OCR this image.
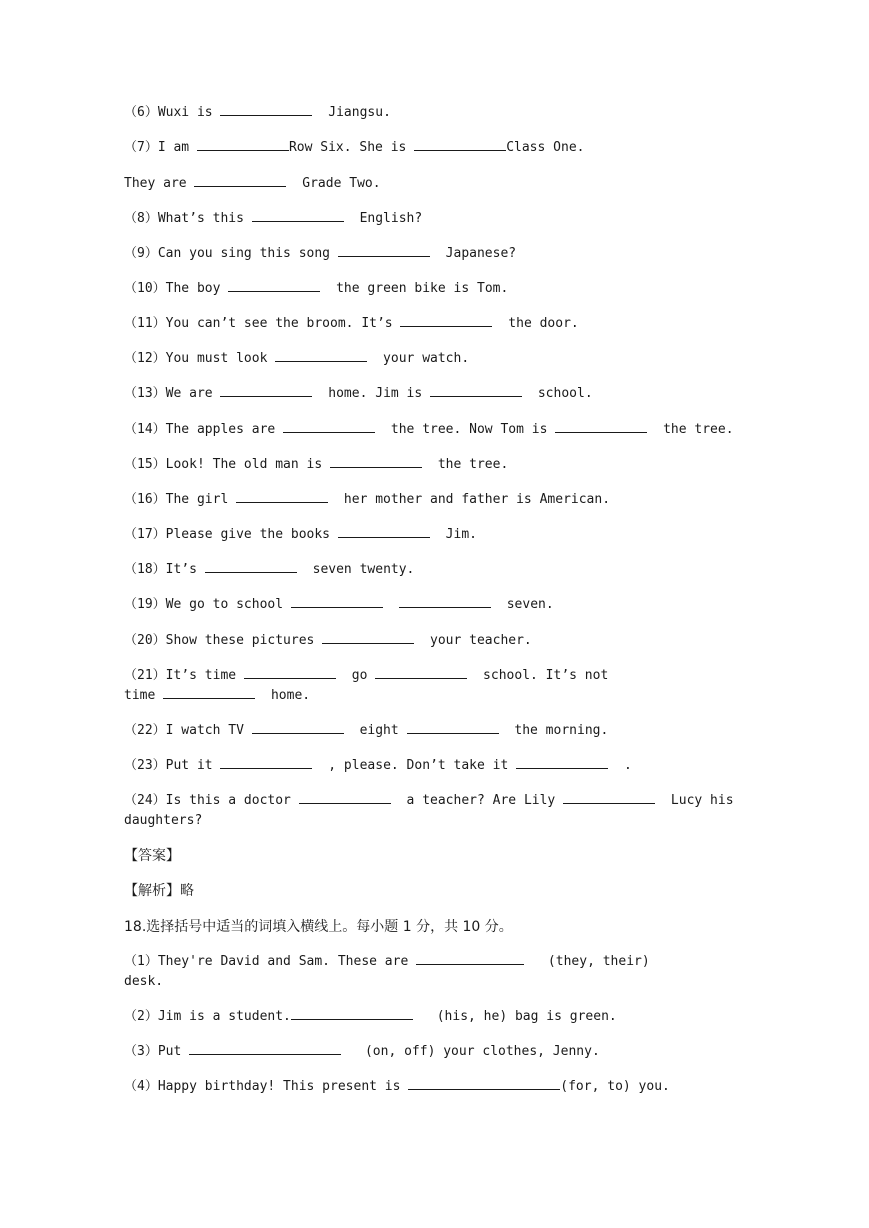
（6）Wuxi is	Jiangsu.
（7）I am	Row Six. She is	Class One.
They are	Grade Two.
（8）What’s this	English?
（9）Can you sing this song	Japanese?
（10）The boy	the green bike is Tom.
（11）You can’t see the broom. It’s	the door.
（12）You must look	your watch.
（13）We are	home. Jim is	school.
（14）The apples are	the tree. Now Tom is	the tree.
（15）Look! The old man is	the tree.
（16）The girl	her mother and father is American.
（17）Please give the books	Jim.
（18）It’s	seven twenty.
（19）We go to school	seven.
（20）Show these pictures	your teacher.
（21）It’s time	go	school. It’s not
time	home.
（22）I watch TV	eight	the morning.
（23）Put it	, please. Don’t take it	.
（24）Is this a doctor	a teacher? Are Lily	Lucy his
daughters?
【答案】
【解析】略
18.选择括号中适当的词填入横线上。每小题 1 分，共 10 分。
（1）They're David and Sam. These are	(they, their)
desk.
（2）Jim is a student.	(his, he) bag is green.
（3）Put	(on, off) your clothes, Jenny.
（4）Happy birthday! This present is	(for, to) you.
